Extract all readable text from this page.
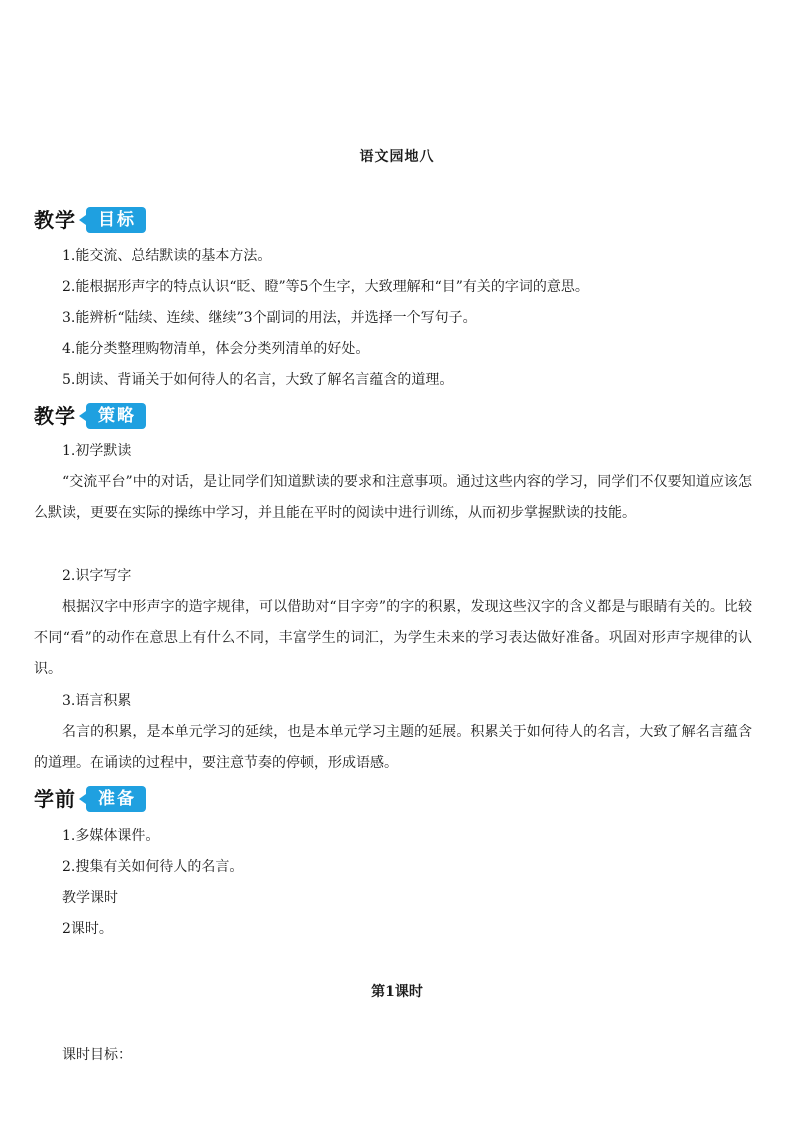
语文园地八
教学	目标
1.能交流、总结默读的基本方法。
2.能根据形声字的特点认识“眨、瞪”等5个生字，大致理解和“目”有关的字词的意思。
3.能辨析“陆续、连续、继续”3个副词的用法，并选择一个写句子。
4.能分类整理购物清单，体会分类列清单的好处。
5.朗读、背诵关于如何待人的名言，大致了解名言蕴含的道理。
教学	策略
1.初学默读
“交流平台”中的对话，是让同学们知道默读的要求和注意事项。通过这些内容的学习，同学们不仅要知道应该怎么默读，更要在实际的操练中学习，并且能在平时的阅读中进行训练，从而初步掌握默读的技能。
2.识字写字
根据汉字中形声字的造字规律，可以借助对“目字旁”的字的积累，发现这些汉字的含义都是与眼睛有关的。比较不同“看”的动作在意思上有什么不同，丰富学生的词汇，为学生未来的学习表达做好准备。巩固对形声字规律的认识。
3.语言积累
名言的积累，是本单元学习的延续，也是本单元学习主题的延展。积累关于如何待人的名言，大致了解名言蕴含的道理。在诵读的过程中，要注意节奏的停顿，形成语感。
学前	准备
1.多媒体课件。
2.搜集有关如何待人的名言。
教学课时
2课时。
第1课时
课时目标：
